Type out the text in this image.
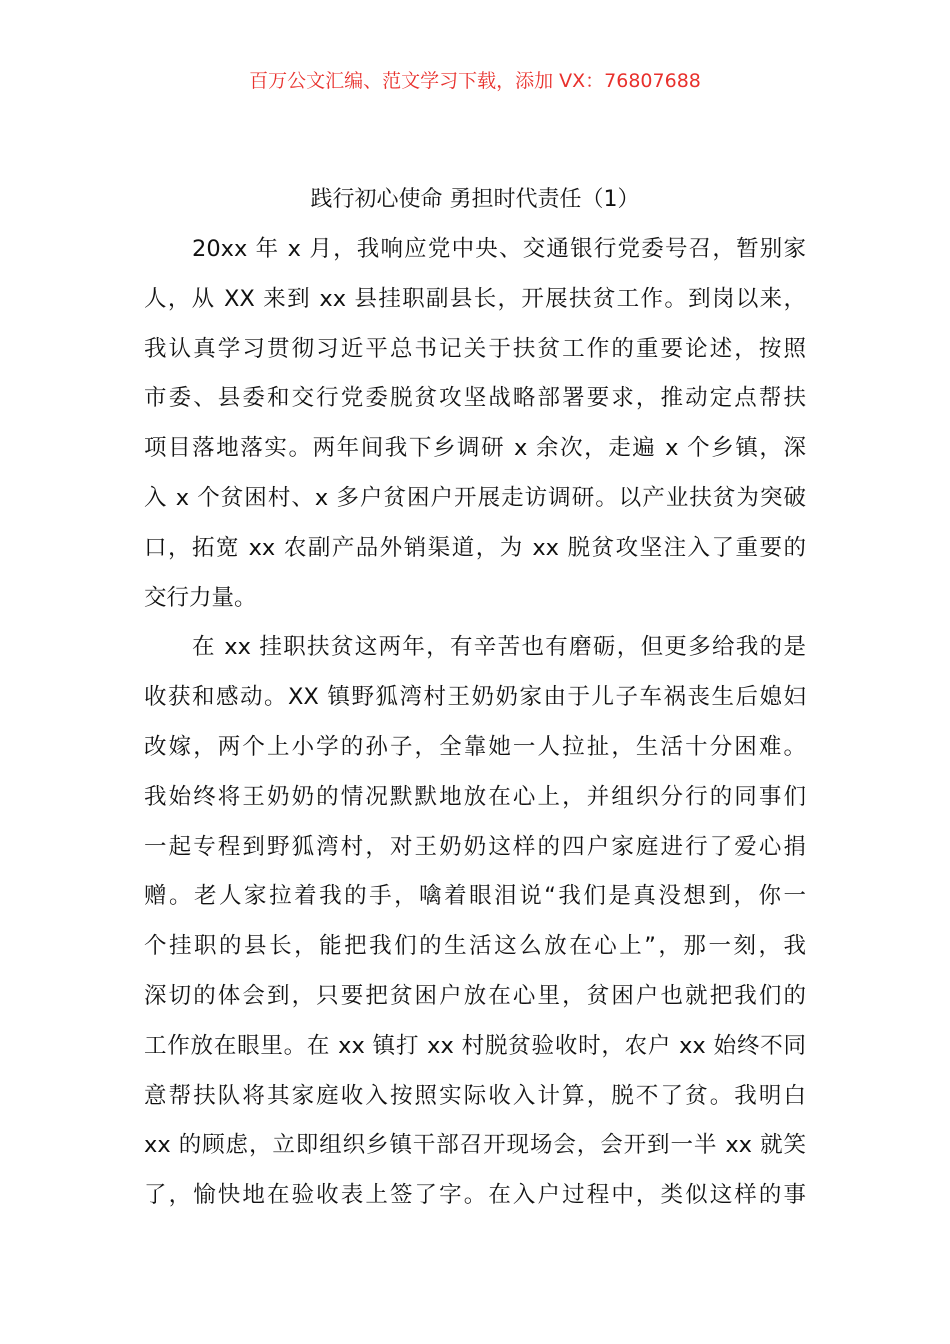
百万公文汇编、范文学习下载，添加 VX：76807688
践行初心使命 勇担时代责任（1）
20xx 年 x 月，我响应党中央、交通银行党委号召，暂别家
人，从 XX 来到 xx 县挂职副县长，开展扶贫工作。到岗以来，
我认真学习贯彻习近平总书记关于扶贫工作的重要论述，按照
市委、县委和交行党委脱贫攻坚战略部署要求，推动定点帮扶
项目落地落实。两年间我下乡调研 x 余次，走遍 x 个乡镇，深
入 x 个贫困村、x 多户贫困户开展走访调研。以产业扶贫为突破
口，拓宽 xx 农副产品外销渠道，为 xx 脱贫攻坚注入了重要的
交行力量。
在 xx 挂职扶贫这两年，有辛苦也有磨砺，但更多给我的是
收获和感动。XX 镇野狐湾村王奶奶家由于儿子车祸丧生后媳妇
改嫁，两个上小学的孙子，全靠她一人拉扯，生活十分困难。
我始终将王奶奶的情况默默地放在心上，并组织分行的同事们
一起专程到野狐湾村，对王奶奶这样的四户家庭进行了爱心捐
赠。老人家拉着我的手，噙着眼泪说“我们是真没想到，你一
个挂职的县长，能把我们的生活这么放在心上”，那一刻，我
深切的体会到，只要把贫困户放在心里，贫困户也就把我们的
工作放在眼里。在 xx 镇打 xx 村脱贫验收时，农户 xx 始终不同
意帮扶队将其家庭收入按照实际收入计算，脱不了贫。我明白
xx 的顾虑，立即组织乡镇干部召开现场会，会开到一半 xx 就笑
了，愉快地在验收表上签了字。在入户过程中，类似这样的事
